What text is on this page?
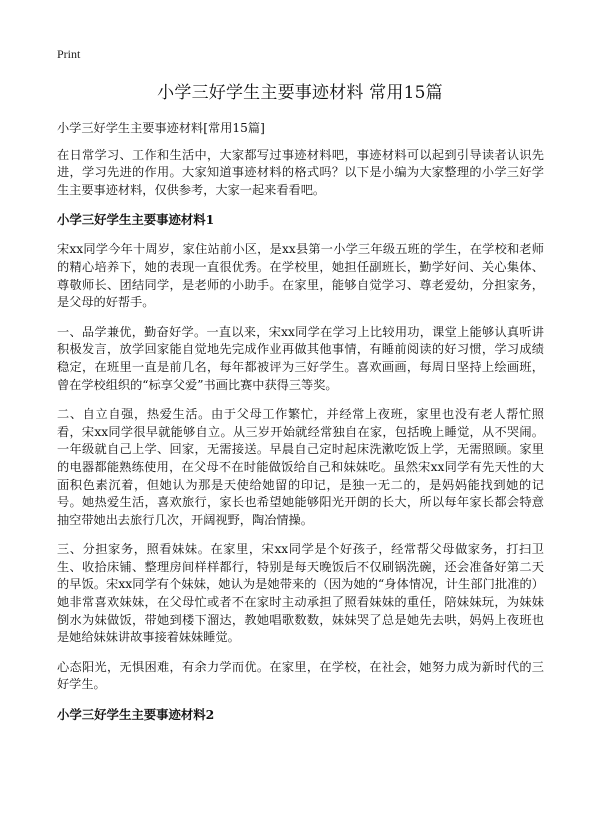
Print
小学三好学生主要事迹材料 常用15篇

小学三好学生主要事迹材料[常用15篇]

在日常学习、工作和生活中，大家都写过事迹材料吧，事迹材料可以起到引导读者认识先进，学习先进的作用。大家知道事迹材料的格式吗？以下是小编为大家整理的小学三好学生主要事迹材料，仅供参考，大家一起来看看吧。

小学三好学生主要事迹材料1

宋xx同学今年十周岁，家住站前小区，是xx县第一小学三年级五班的学生，在学校和老师的精心培养下，她的表现一直很优秀。在学校里，她担任副班长，勤学好问、关心集体、尊敬师长、团结同学，是老师的小助手。在家里，能够自觉学习、尊老爱幼，分担家务，是父母的好帮手。

一、品学兼优，勤奋好学。一直以来，宋xx同学在学习上比较用功，课堂上能够认真听讲积极发言，放学回家能自觉地先完成作业再做其他事情，有睡前阅读的好习惯，学习成绩稳定，在班里一直是前几名，每年都被评为三好学生。喜欢画画，每周日坚持上绘画班，曾在学校组织的“标享父爱”书画比赛中获得三等奖。

二、自立自强，热爱生活。由于父母工作繁忙，并经常上夜班，家里也没有老人帮忙照看，宋xx同学很早就能够自立。从三岁开始就经常独自在家，包括晚上睡觉，从不哭闹。一年级就自己上学、回家，无需接送。早晨自己定时起床洗漱吃饭上学，无需照顾。家里的电器都能熟练使用，在父母不在时能做饭给自己和妹妹吃。虽然宋xx同学有先天性的大面积色素沉着，但她认为那是天使给她留的印记，是独一无二的，是妈妈能找到她的记号。她热爱生活，喜欢旅行，家长也希望她能够阳光开朗的长大，所以每年家长都会特意抽空带她出去旅行几次，开阔视野，陶冶情操。

三、分担家务，照看妹妹。在家里，宋xx同学是个好孩子，经常帮父母做家务，打扫卫生、收拾床铺、整理房间样样都行，特别是每天晚饭后不仅刷锅洗碗，还会准备好第二天的早饭。宋xx同学有个妹妹，她认为是她带来的（因为她的“身体情况，计生部门批准的）她非常喜欢妹妹，在父母忙或者不在家时主动承担了照看妹妹的重任，陪妹妹玩，为妹妹倒水为妹做饭，带她到楼下溜达，教她唱歌数数，妹妹哭了总是她先去哄，妈妈上夜班也是她给妹妹讲故事接着妹妹睡觉。

心态阳光，无惧困难，有余力学而优。在家里，在学校，在社会，她努力成为新时代的三好学生。

小学三好学生主要事迹材料2
